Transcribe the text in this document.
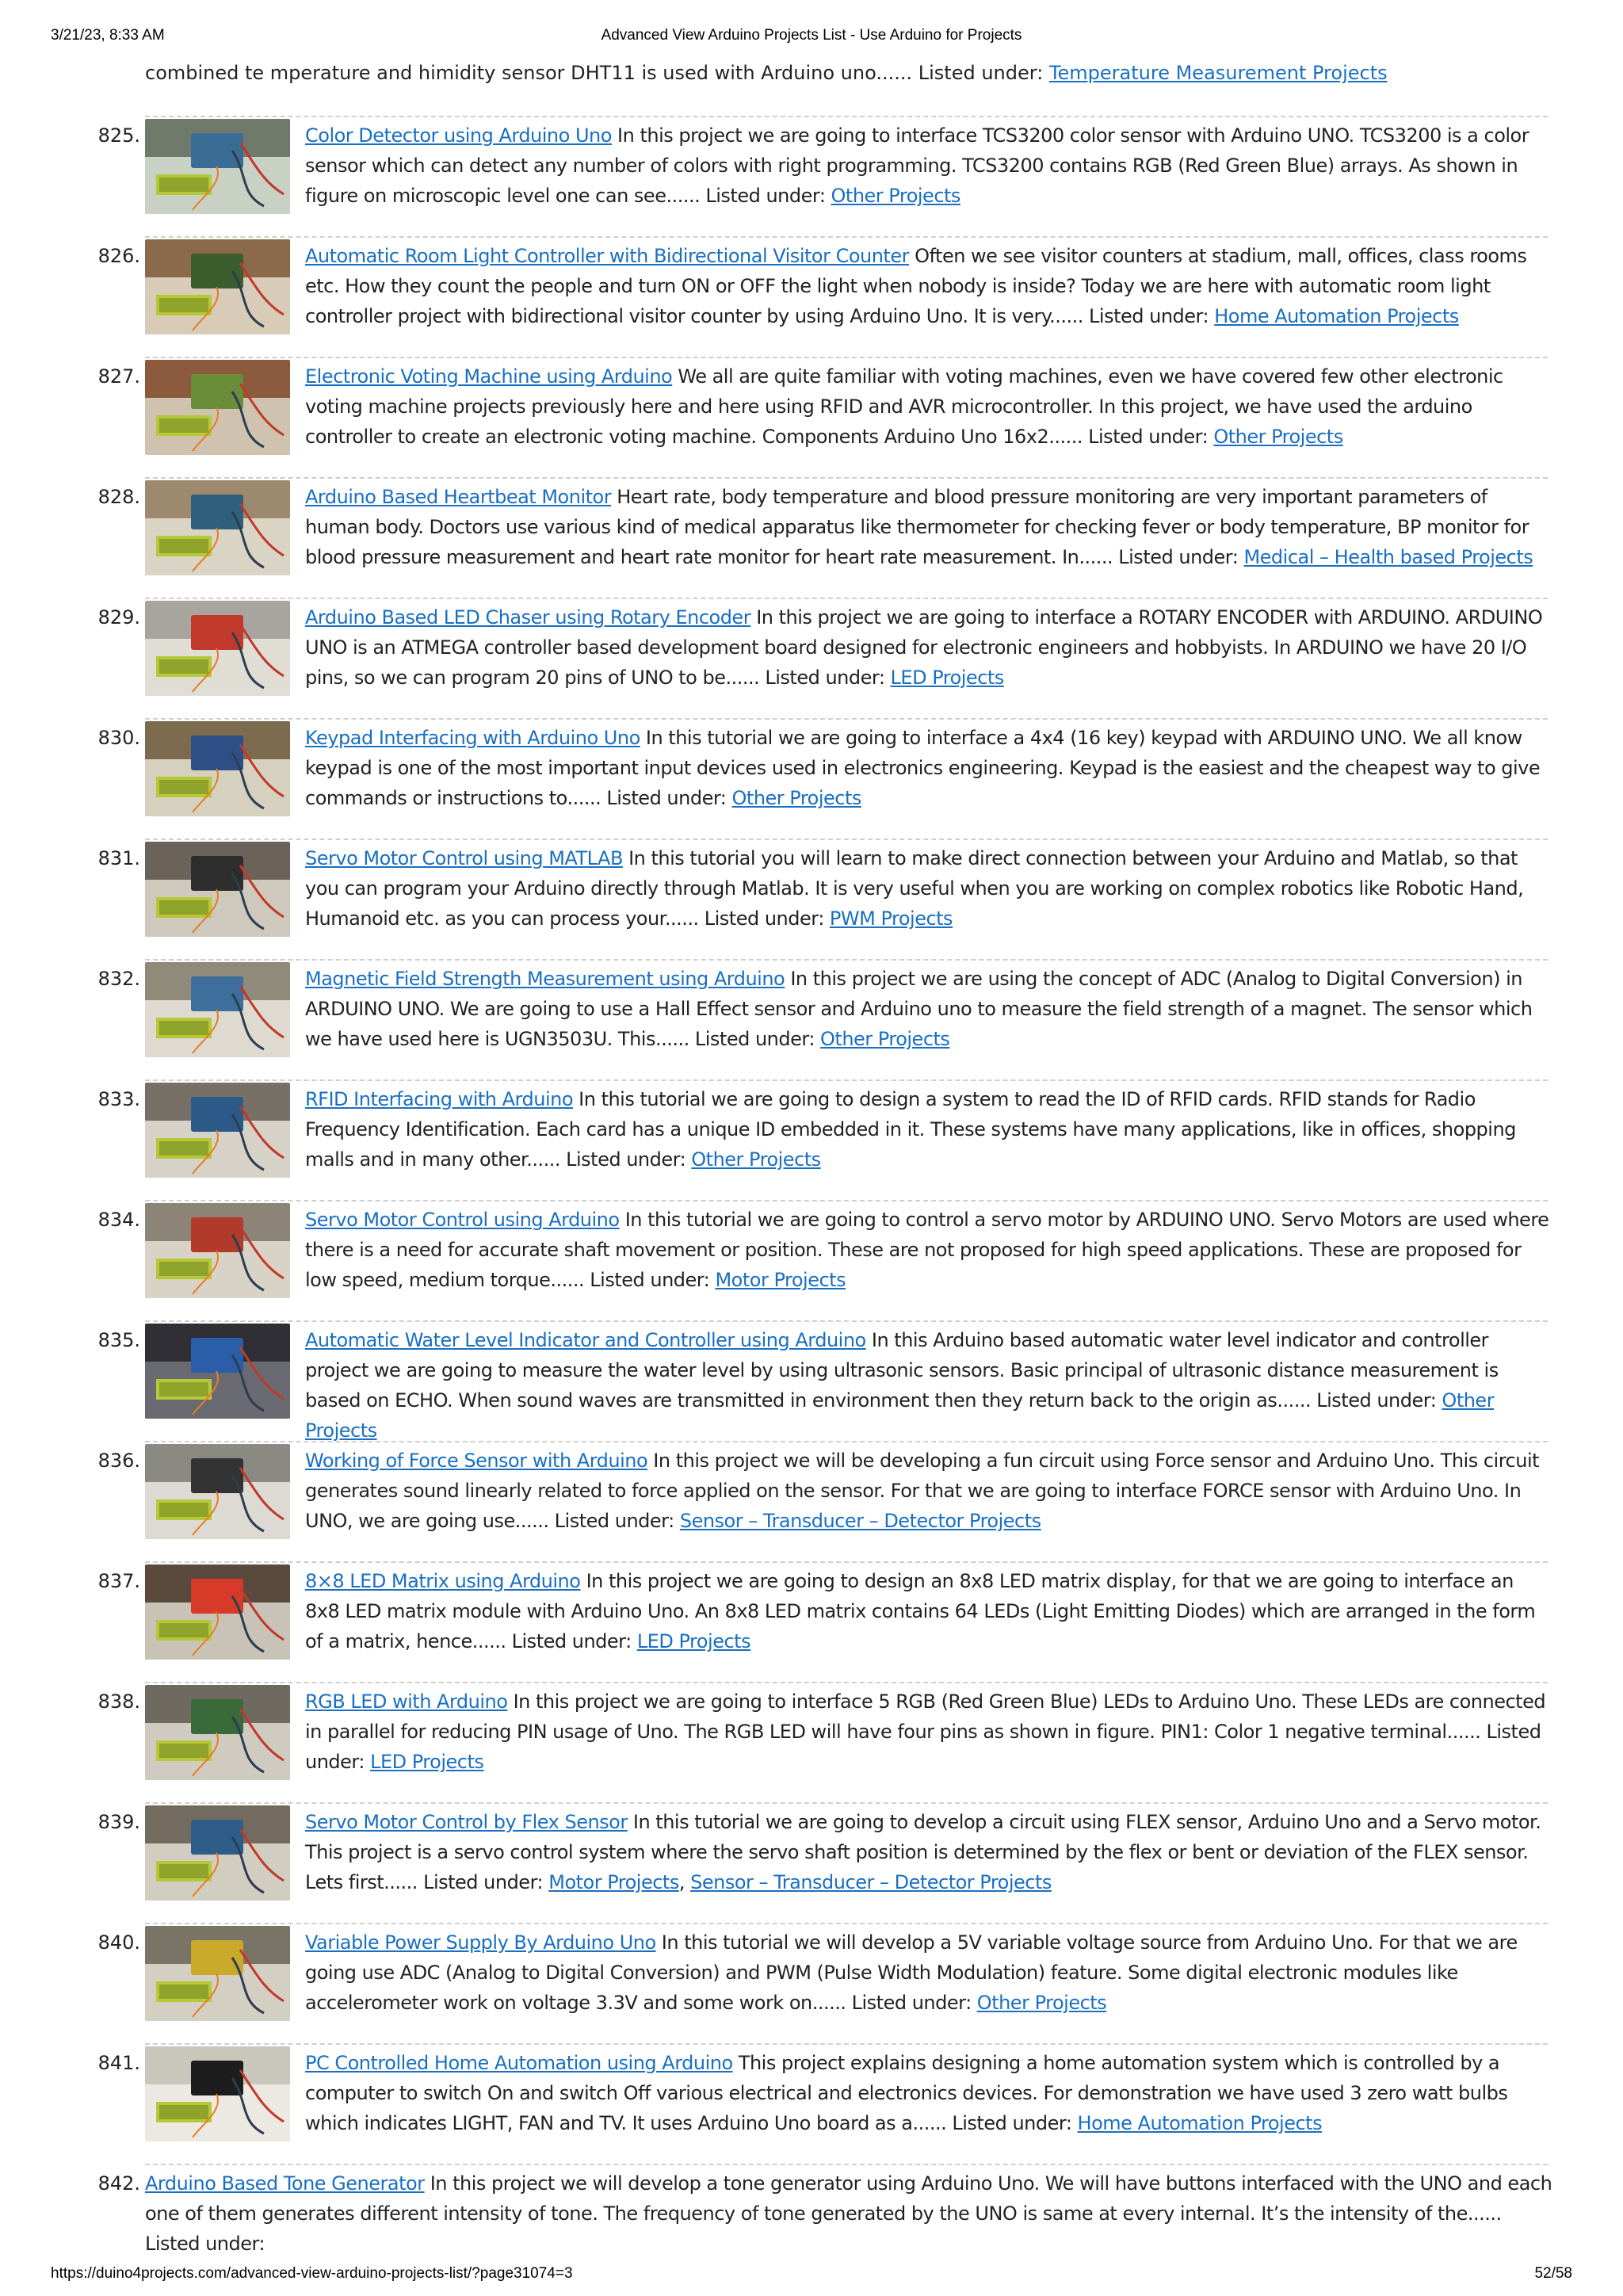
3/21/23, 8:33 AM	Advanced View Arduino Projects List - Use Arduino for Projects
combined te mperature and himidity sensor DHT11 is used with Arduino uno...... Listed under: Temperature Measurement Projects
825.	Color Detector using Arduino Uno In this project we are going to interface TCS3200 color sensor with Arduino UNO. TCS3200 is a color sensor which can detect any number of colors with right programming. TCS3200 contains RGB (Red Green Blue) arrays. As shown in figure on microscopic level one can see...... Listed under: Other Projects
826.	Automatic Room Light Controller with Bidirectional Visitor Counter Often we see visitor counters at stadium, mall, offices, class rooms etc. How they count the people and turn ON or OFF the light when nobody is inside? Today we are here with automatic room light controller project with bidirectional visitor counter by using Arduino Uno. It is very...... Listed under: Home Automation Projects
827.	Electronic Voting Machine using Arduino We all are quite familiar with voting machines, even we have covered few other electronic voting machine projects previously here and here using RFID and AVR microcontroller. In this project, we have used the arduino controller to create an electronic voting machine. Components Arduino Uno 16x2...... Listed under: Other Projects
828.	Arduino Based Heartbeat Monitor Heart rate, body temperature and blood pressure monitoring are very important parameters of human body. Doctors use various kind of medical apparatus like thermometer for checking fever or body temperature, BP monitor for blood pressure measurement and heart rate monitor for heart rate measurement. In...... Listed under: Medical – Health based Projects
829.	Arduino Based LED Chaser using Rotary Encoder In this project we are going to interface a ROTARY ENCODER with ARDUINO. ARDUINO UNO is an ATMEGA controller based development board designed for electronic engineers and hobbyists. In ARDUINO we have 20 I/O pins, so we can program 20 pins of UNO to be...... Listed under: LED Projects
830.	Keypad Interfacing with Arduino Uno In this tutorial we are going to interface a 4x4 (16 key) keypad with ARDUINO UNO. We all know keypad is one of the most important input devices used in electronics engineering. Keypad is the easiest and the cheapest way to give commands or instructions to...... Listed under: Other Projects
831.	Servo Motor Control using MATLAB In this tutorial you will learn to make direct connection between your Arduino and Matlab, so that you can program your Arduino directly through Matlab. It is very useful when you are working on complex robotics like Robotic Hand, Humanoid etc. as you can process your...... Listed under: PWM Projects
832.	Magnetic Field Strength Measurement using Arduino In this project we are using the concept of ADC (Analog to Digital Conversion) in ARDUINO UNO. We are going to use a Hall Effect sensor and Arduino uno to measure the field strength of a magnet. The sensor which we have used here is UGN3503U. This...... Listed under: Other Projects
833.	RFID Interfacing with Arduino In this tutorial we are going to design a system to read the ID of RFID cards. RFID stands for Radio Frequency Identification. Each card has a unique ID embedded in it. These systems have many applications, like in offices, shopping malls and in many other...... Listed under: Other Projects
834.	Servo Motor Control using Arduino In this tutorial we are going to control a servo motor by ARDUINO UNO. Servo Motors are used where there is a need for accurate shaft movement or position. These are not proposed for high speed applications. These are proposed for low speed, medium torque...... Listed under: Motor Projects
835.	Automatic Water Level Indicator and Controller using Arduino In this Arduino based automatic water level indicator and controller project we are going to measure the water level by using ultrasonic sensors. Basic principal of ultrasonic distance measurement is based on ECHO. When sound waves are transmitted in environment then they return back to the origin as...... Listed under: Other Projects
836.	Working of Force Sensor with Arduino In this project we will be developing a fun circuit using Force sensor and Arduino Uno. This circuit generates sound linearly related to force applied on the sensor. For that we are going to interface FORCE sensor with Arduino Uno. In UNO, we are going use...... Listed under: Sensor – Transducer – Detector Projects
837.	8×8 LED Matrix using Arduino In this project we are going to design an 8x8 LED matrix display, for that we are going to interface an 8x8 LED matrix module with Arduino Uno. An 8x8 LED matrix contains 64 LEDs (Light Emitting Diodes) which are arranged in the form of a matrix, hence...... Listed under: LED Projects
838.	RGB LED with Arduino In this project we are going to interface 5 RGB (Red Green Blue) LEDs to Arduino Uno. These LEDs are connected in parallel for reducing PIN usage of Uno. The RGB LED will have four pins as shown in figure. PIN1: Color 1 negative terminal...... Listed under: LED Projects
839.	Servo Motor Control by Flex Sensor In this tutorial we are going to develop a circuit using FLEX sensor, Arduino Uno and a Servo motor. This project is a servo control system where the servo shaft position is determined by the flex or bent or deviation of the FLEX sensor. Lets first...... Listed under: Motor Projects, Sensor – Transducer – Detector Projects
840.	Variable Power Supply By Arduino Uno In this tutorial we will develop a 5V variable voltage source from Arduino Uno. For that we are going use ADC (Analog to Digital Conversion) and PWM (Pulse Width Modulation) feature. Some digital electronic modules like accelerometer work on voltage 3.3V and some work on...... Listed under: Other Projects
841.	PC Controlled Home Automation using Arduino This project explains designing a home automation system which is controlled by a computer to switch On and switch Off various electrical and electronics devices. For demonstration we have used 3 zero watt bulbs which indicates LIGHT, FAN and TV. It uses Arduino Uno board as a...... Listed under: Home Automation Projects
842. Arduino Based Tone Generator In this project we will develop a tone generator using Arduino Uno. We will have buttons interfaced with the UNO and each one of them generates different intensity of tone. The frequency of tone generated by the UNO is same at every internal. It’s the intensity of the...... Listed under:
https://duino4projects.com/advanced-view-arduino-projects-list/?page31074=3	52/58
